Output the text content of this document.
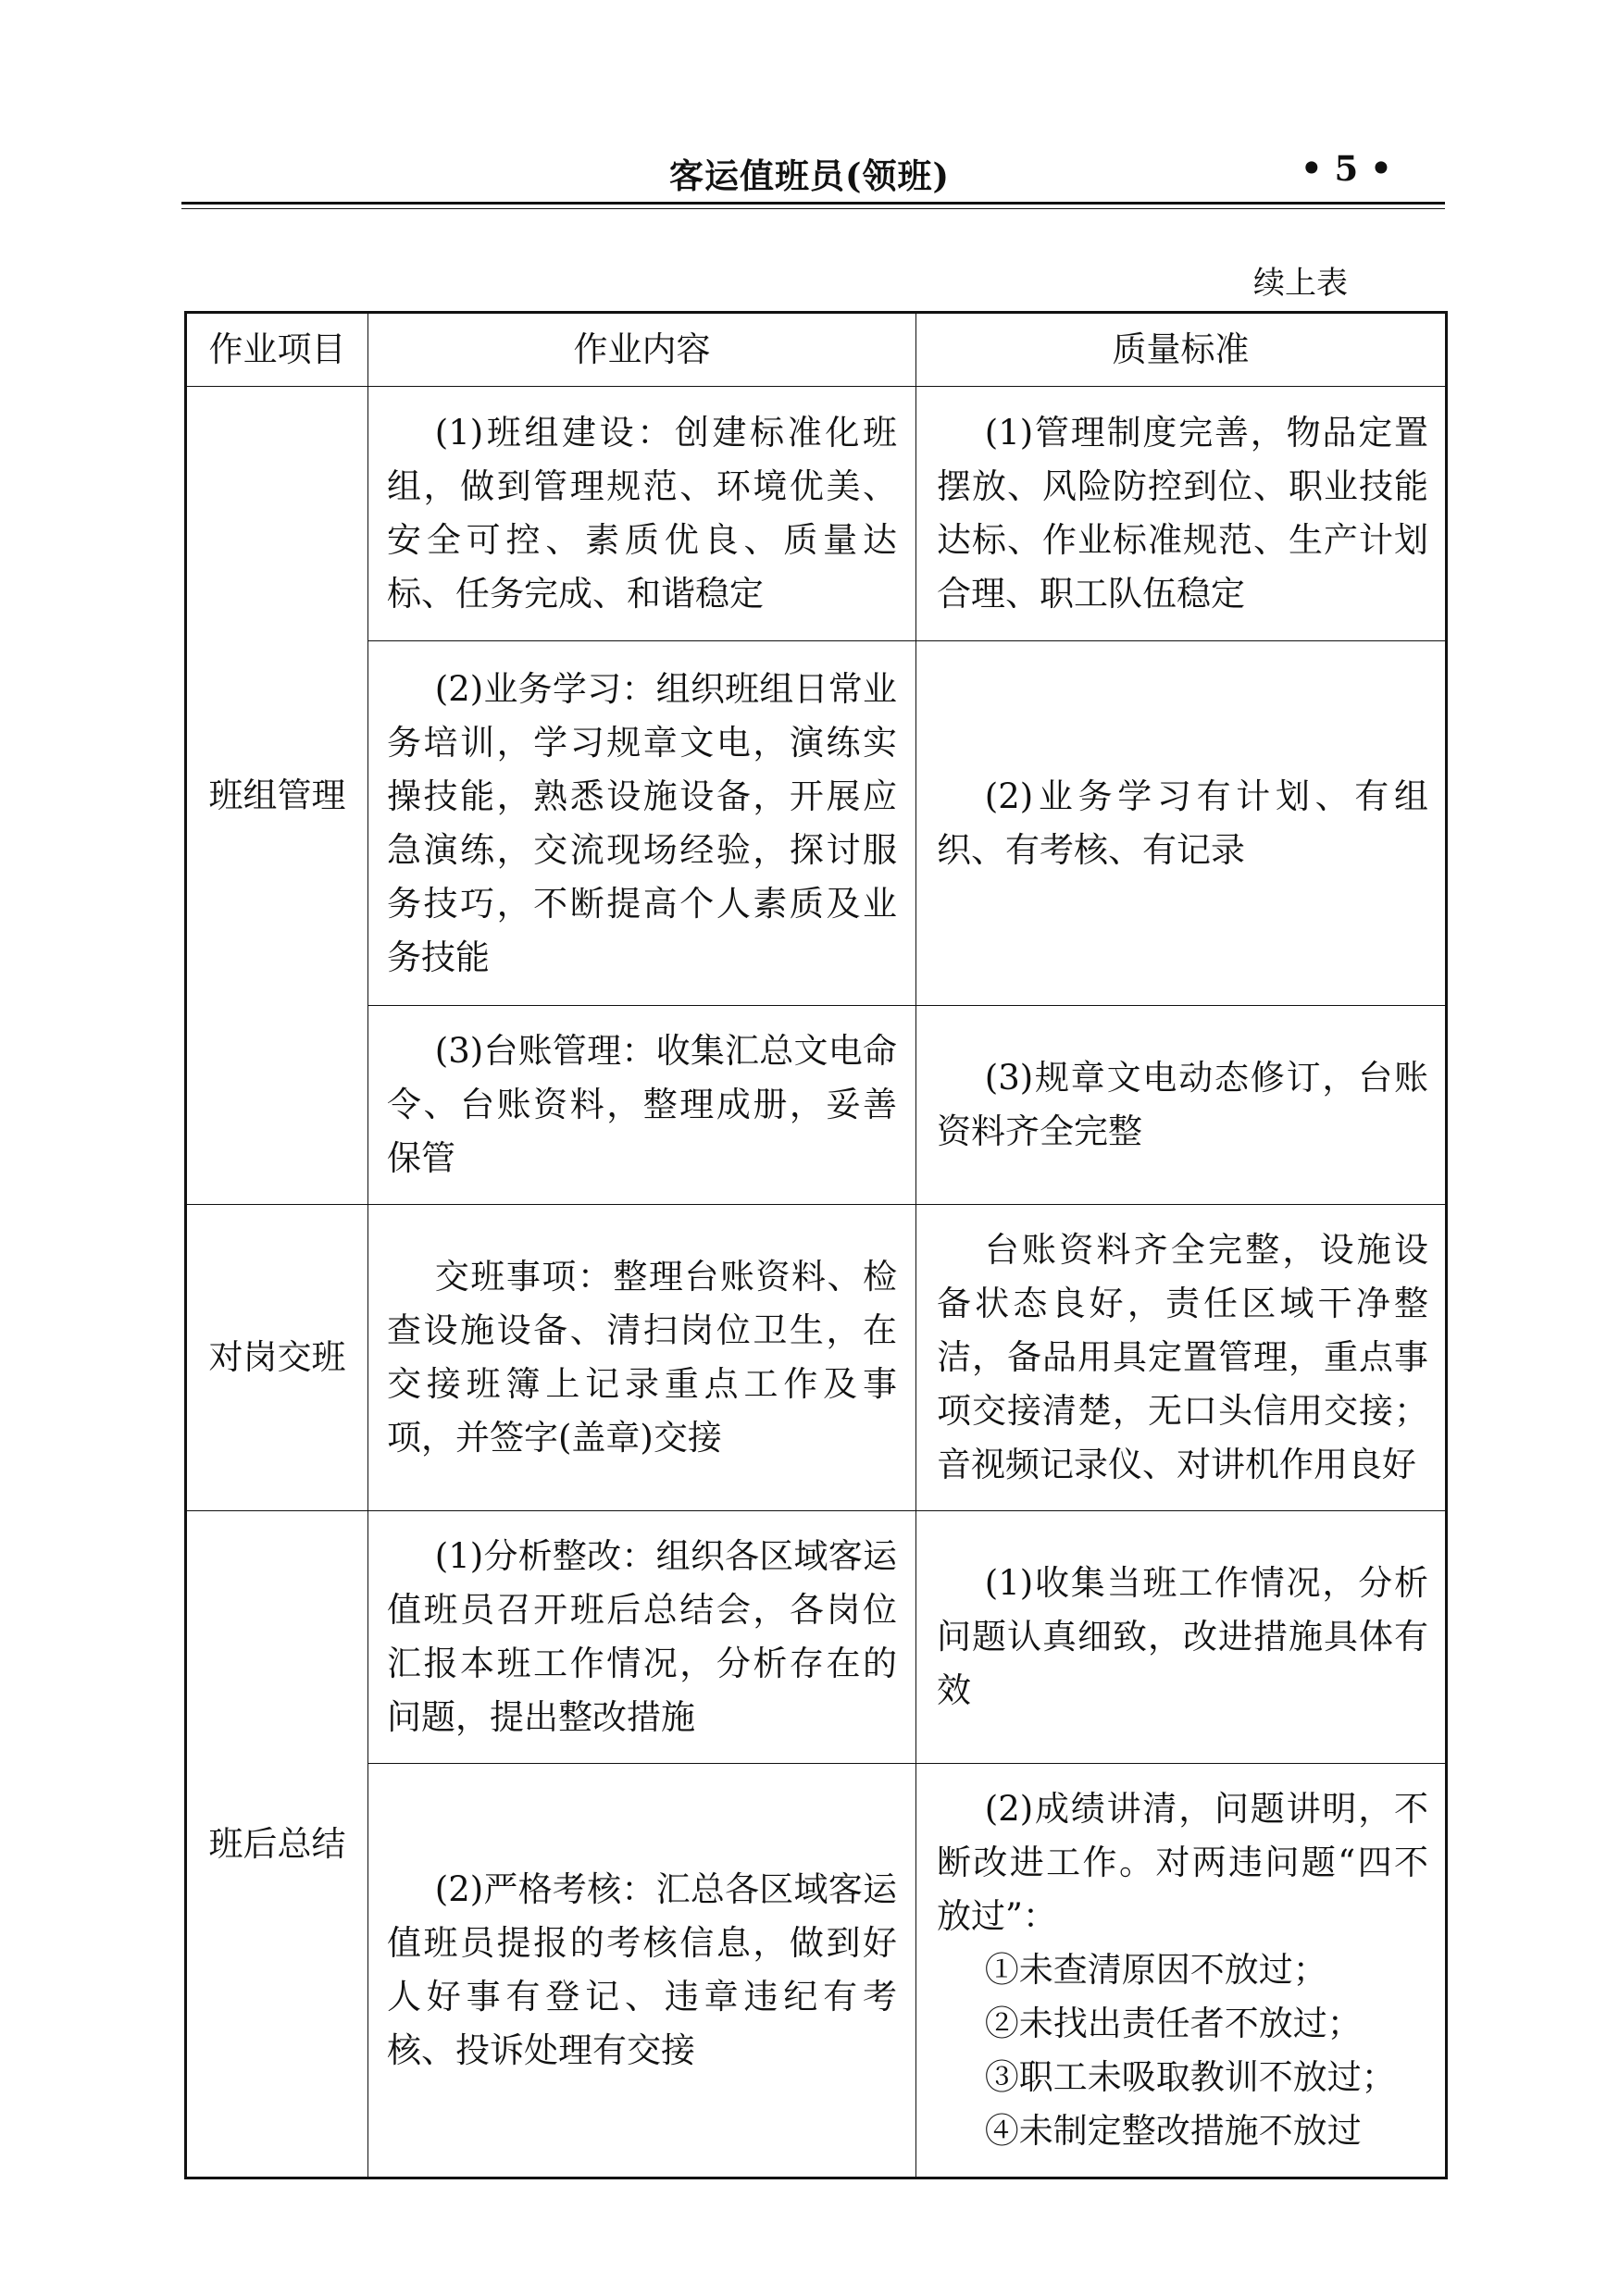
客运值班员(领班)	• 5 •
续上表
作业项目	作业内容	质量标准
班组管理	(1)班组建设：创建标准化班组，做到管理规范、环境优美、安全可控、素质优良、质量达标、任务完成、和谐稳定	(1)管理制度完善，物品定置摆放、风险防控到位、职业技能达标、作业标准规范、生产计划合理、职工队伍稳定
	(2)业务学习：组织班组日常业务培训，学习规章文电，演练实操技能，熟悉设施设备，开展应急演练，交流现场经验，探讨服务技巧，不断提高个人素质及业务技能	(2)业务学习有计划、有组织、有考核、有记录
	(3)台账管理：收集汇总文电命令、台账资料，整理成册，妥善保管	(3)规章文电动态修订，台账资料齐全完整
对岗交班	交班事项：整理台账资料、检查设施设备、清扫岗位卫生，在交接班簿上记录重点工作及事项，并签字(盖章)交接	台账资料齐全完整，设施设备状态良好，责任区域干净整洁，备品用具定置管理，重点事项交接清楚，无口头信用交接；音视频记录仪、对讲机作用良好
班后总结	(1)分析整改：组织各区域客运值班员召开班后总结会，各岗位汇报本班工作情况，分析存在的问题，提出整改措施	(1)收集当班工作情况，分析问题认真细致，改进措施具体有效
	(2)严格考核：汇总各区域客运值班员提报的考核信息，做到好人好事有登记、违章违纪有考核、投诉处理有交接	(2)成绩讲清，问题讲明，不断改进工作。对两违问题“四不放过”：
①未查清原因不放过；
②未找出责任者不放过；
③职工未吸取教训不放过；
④未制定整改措施不放过
